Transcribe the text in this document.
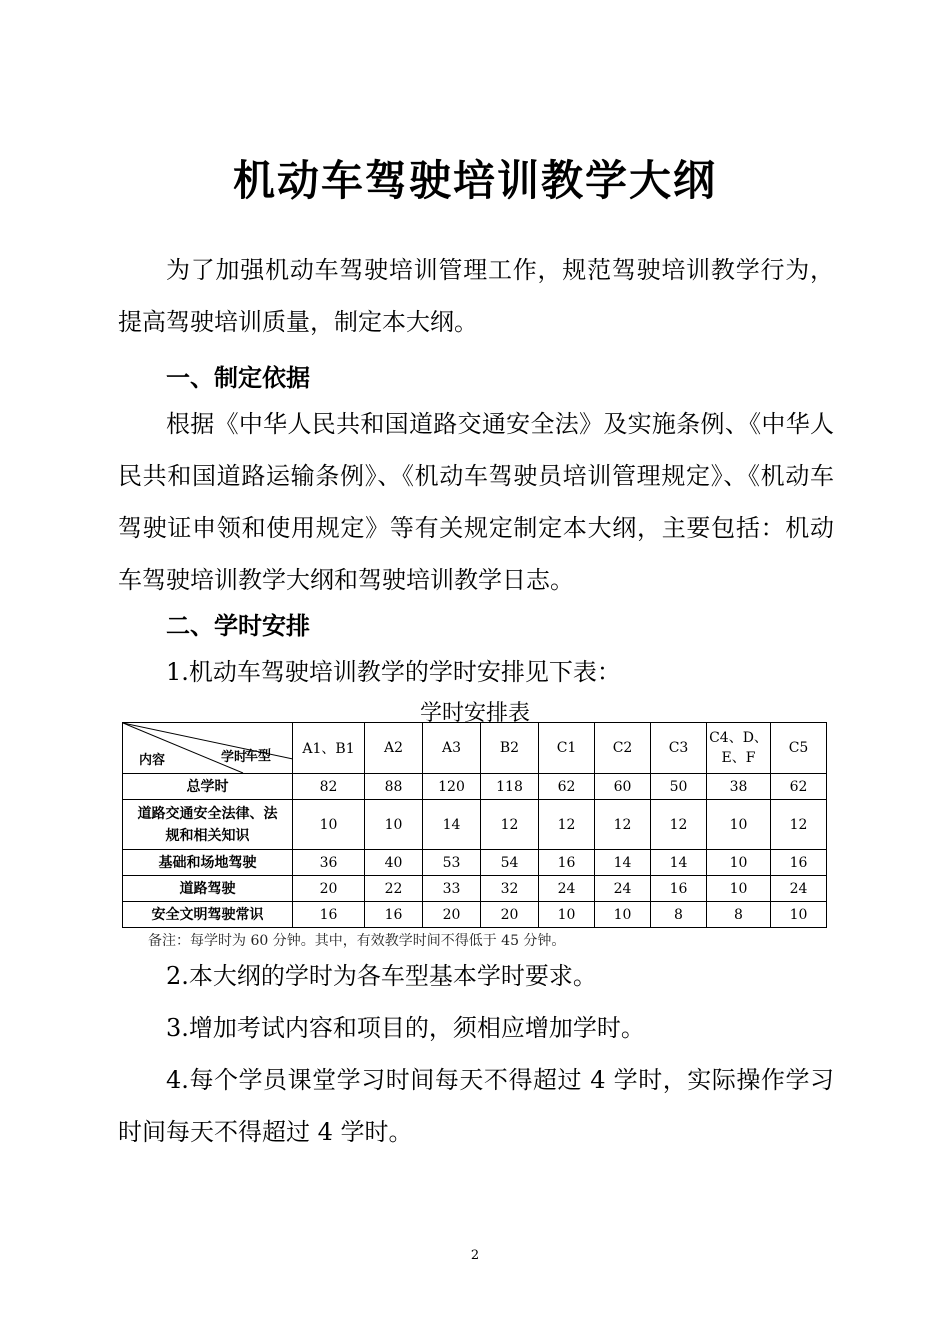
机动车驾驶培训教学大纲
为了加强机动车驾驶培训管理工作，规范驾驶培训教学行为，提高驾驶培训质量，制定本大纲。
一、制定依据
根据《中华人民共和国道路交通安全法》及实施条例、《中华人民共和国道路运输条例》、《机动车驾驶员培训管理规定》、《机动车驾驶证申领和使用规定》等有关规定制定本大纲，主要包括：机动车驾驶培训教学大纲和驾驶培训教学日志。
二、学时安排
1.机动车驾驶培训教学的学时安排见下表：
学时安排表
车型
学时
内容	A1、B1	A2	A3	B2	C1	C2	C3	C4、D、E、F	C5
总学时	82	88	120	118	62	60	50	38	62
道路交通安全法律、法规和相关知识	10	10	14	12	12	12	12	10	12
基础和场地驾驶	36	40	53	54	16	14	14	10	16
道路驾驶	20	22	33	32	24	24	16	10	24
安全文明驾驶常识	16	16	20	20	10	10	8	8	10
备注：每学时为 60 分钟。其中，有效教学时间不得低于 45 分钟。
2.本大纲的学时为各车型基本学时要求。
3.增加考试内容和项目的，须相应增加学时。
4.每个学员课堂学习时间每天不得超过 4 学时，实际操作学习时间每天不得超过 4 学时。
2
